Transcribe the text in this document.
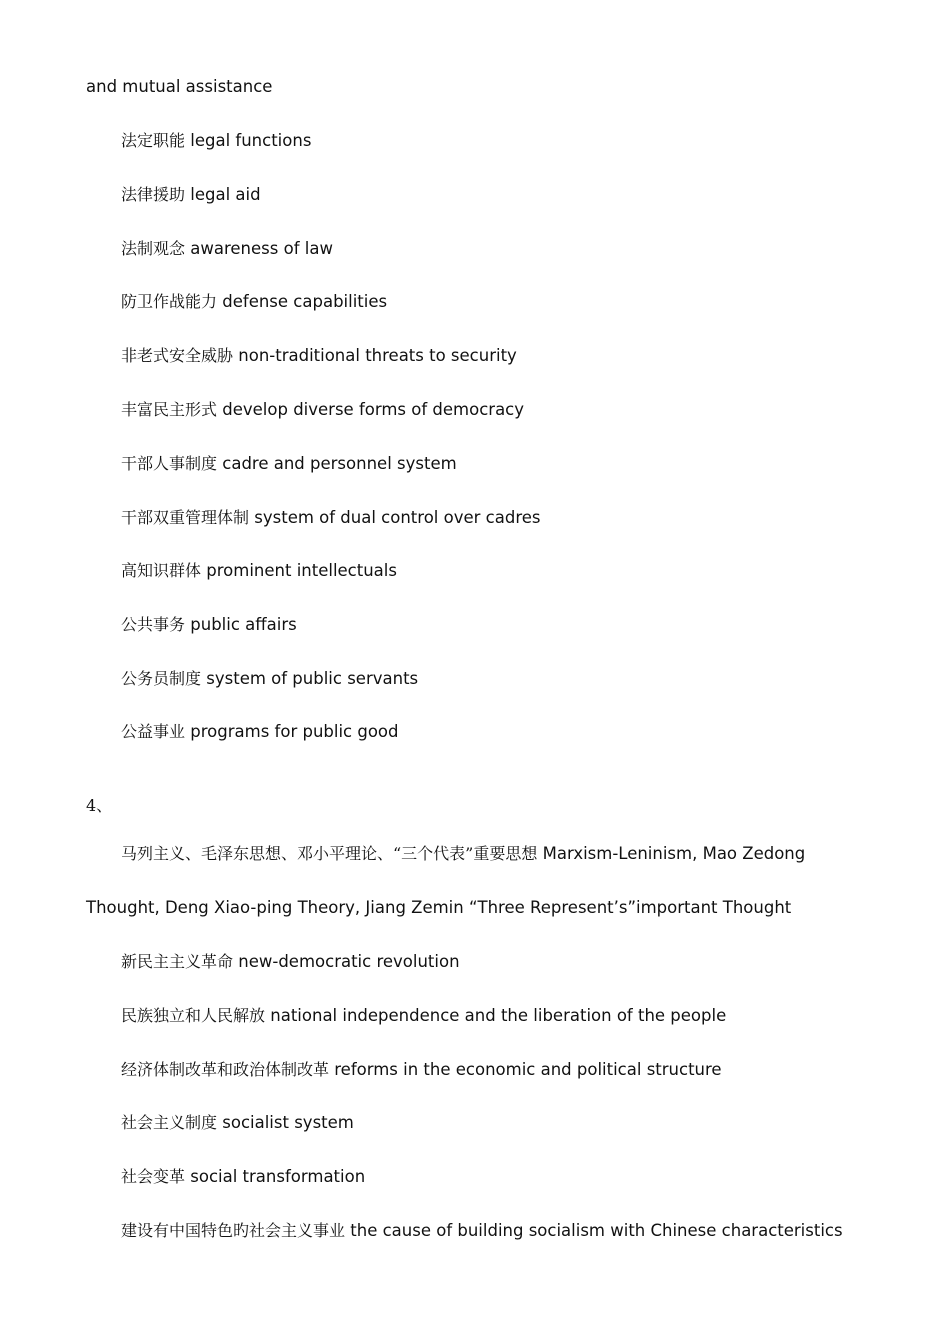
and mutual assistance
法定职能 legal functions
法律援助 legal aid
法制观念 awareness of law
防卫作战能力 defense capabilities
非老式安全威胁 non-traditional threats to security
丰富民主形式 develop diverse forms of democracy
干部人事制度 cadre and personnel system
干部双重管理体制 system of dual control over cadres
高知识群体 prominent intellectuals
公共事务 public affairs
公务员制度 system of public servants
公益事业 programs for public good
4、
马列主义、毛泽东思想、邓小平理论、“三个代表”重要思想 Marxism-Leninism, Mao Zedong
Thought, Deng Xiao-ping Theory, Jiang Zemin “Three Represent’s”important Thought
新民主主义革命 new-democratic revolution
民族独立和人民解放 national independence and the liberation of the people
经济体制改革和政治体制改革 reforms in the economic and political structure
社会主义制度 socialist system
社会变革 social transformation
建设有中国特色旳社会主义事业 the cause of building socialism with Chinese characteristics
